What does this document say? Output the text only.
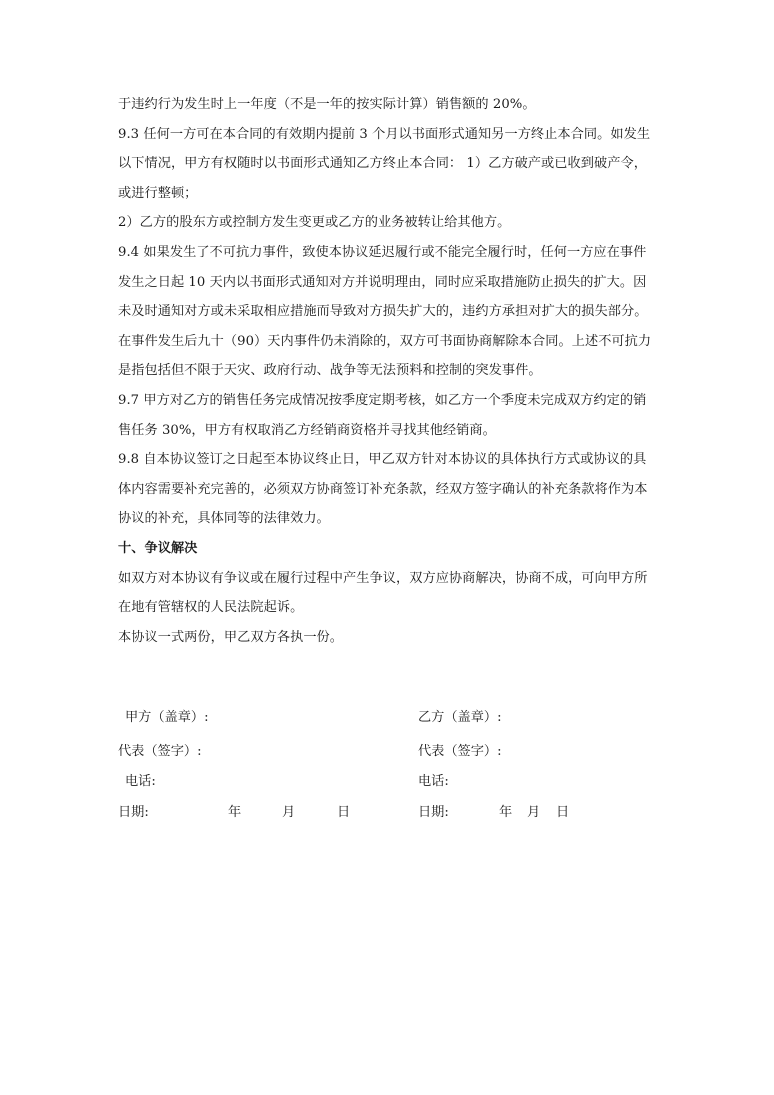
于违约行为发生时上一年度（不是一年的按实际计算）销售额的 20%。
9.3 任何一方可在本合同的有效期内提前 3 个月以书面形式通知另一方终止本合同。如发生
以下情况，甲方有权随时以书面形式通知乙方终止本合同： 1）乙方破产或已收到破产令，
或进行整顿；
2）乙方的股东方或控制方发生变更或乙方的业务被转让给其他方。
9.4 如果发生了不可抗力事件，致使本协议延迟履行或不能完全履行时，任何一方应在事件
发生之日起 10 天内以书面形式通知对方并说明理由，同时应采取措施防止损失的扩大。因
未及时通知对方或未采取相应措施而导致对方损失扩大的，违约方承担对扩大的损失部分。
在事件发生后九十（90）天内事件仍未消除的，双方可书面协商解除本合同。上述不可抗力
是指包括但不限于天灾、政府行动、战争等无法预料和控制的突发事件。
9.7 甲方对乙方的销售任务完成情况按季度定期考核，如乙方一个季度未完成双方约定的销
售任务 30%，甲方有权取消乙方经销商资格并寻找其他经销商。
9.8 自本协议签订之日起至本协议终止日，甲乙双方针对本协议的具体执行方式或协议的具
体内容需要补充完善的，必须双方协商签订补充条款，经双方签字确认的补充条款将作为本
协议的补充，具体同等的法律效力。
十、争议解决
如双方对本协议有争议或在履行过程中产生争议，双方应协商解决，协商不成，可向甲方所
在地有管辖权的人民法院起诉。
本协议一式两份，甲乙双方各执一份。
甲方（盖章）:
代表（签字）:
电话:
日期:	年	月	日
乙方（盖章）:
代表（签字）:
电话:
日期:	年 月 日
